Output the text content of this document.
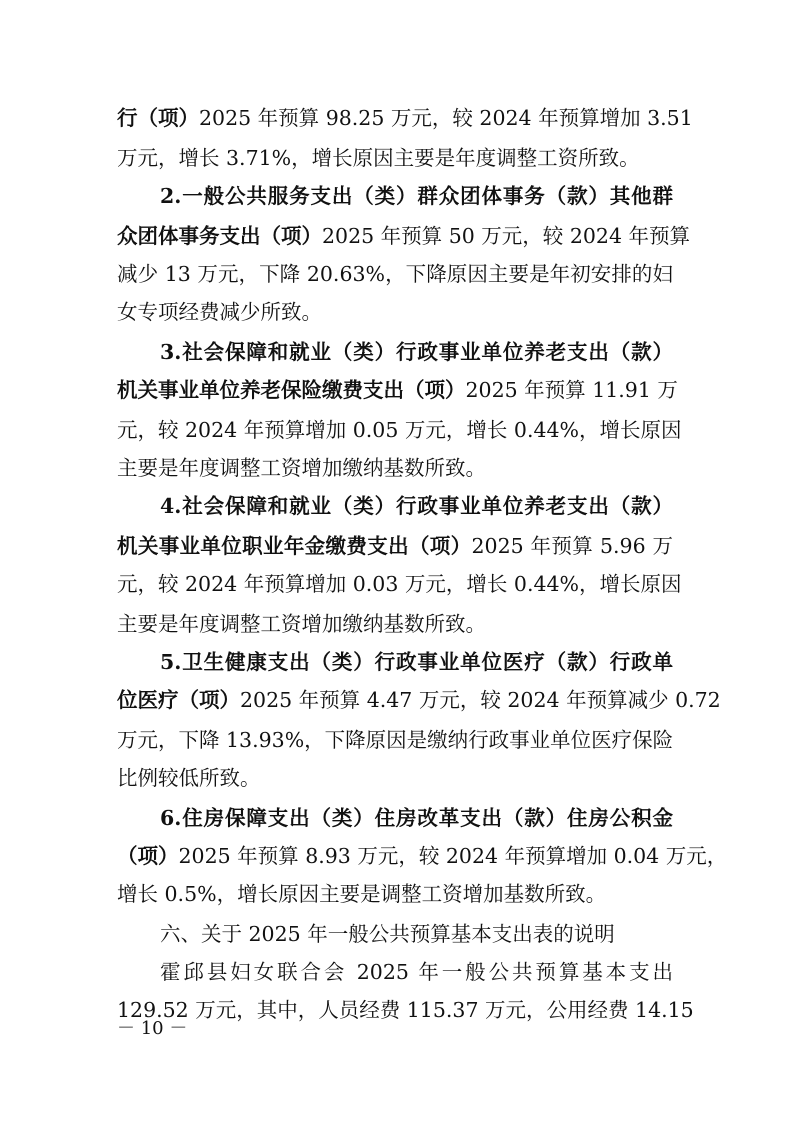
行（项）2025 年预算 98.25 万元，较 2024 年预算增加 3.51
万元，增长 3.71%，增长原因主要是年度调整工资所致。
2.一般公共服务支出（类）群众团体事务（款）其他群
众团体事务支出（项）2025 年预算 50 万元，较 2024 年预算
减少 13 万元，下降 20.63%，下降原因主要是年初安排的妇
女专项经费减少所致。
3.社会保障和就业（类）行政事业单位养老支出（款）
机关事业单位养老保险缴费支出（项）2025 年预算 11.91 万
元，较 2024 年预算增加 0.05 万元，增长 0.44%，增长原因
主要是年度调整工资增加缴纳基数所致。
4.社会保障和就业（类）行政事业单位养老支出（款）
机关事业单位职业年金缴费支出（项）2025 年预算 5.96 万
元，较 2024 年预算增加 0.03 万元，增长 0.44%，增长原因
主要是年度调整工资增加缴纳基数所致。
5.卫生健康支出（类）行政事业单位医疗（款）行政单
位医疗（项）2025 年预算 4.47 万元，较 2024 年预算减少 0.72
万元，下降 13.93%，下降原因是缴纳行政事业单位医疗保险
比例较低所致。
6.住房保障支出（类）住房改革支出（款）住房公积金
（项）2025 年预算 8.93 万元，较 2024 年预算增加 0.04 万元，
增长 0.5%，增长原因主要是调整工资增加基数所致。
六、关于 2025 年一般公共预算基本支出表的说明
霍邱县妇女联合会 2025 年一般公共预算基本支出
129.52 万元，其中，人员经费 115.37 万元，公用经费 14.15
－ 10 －
